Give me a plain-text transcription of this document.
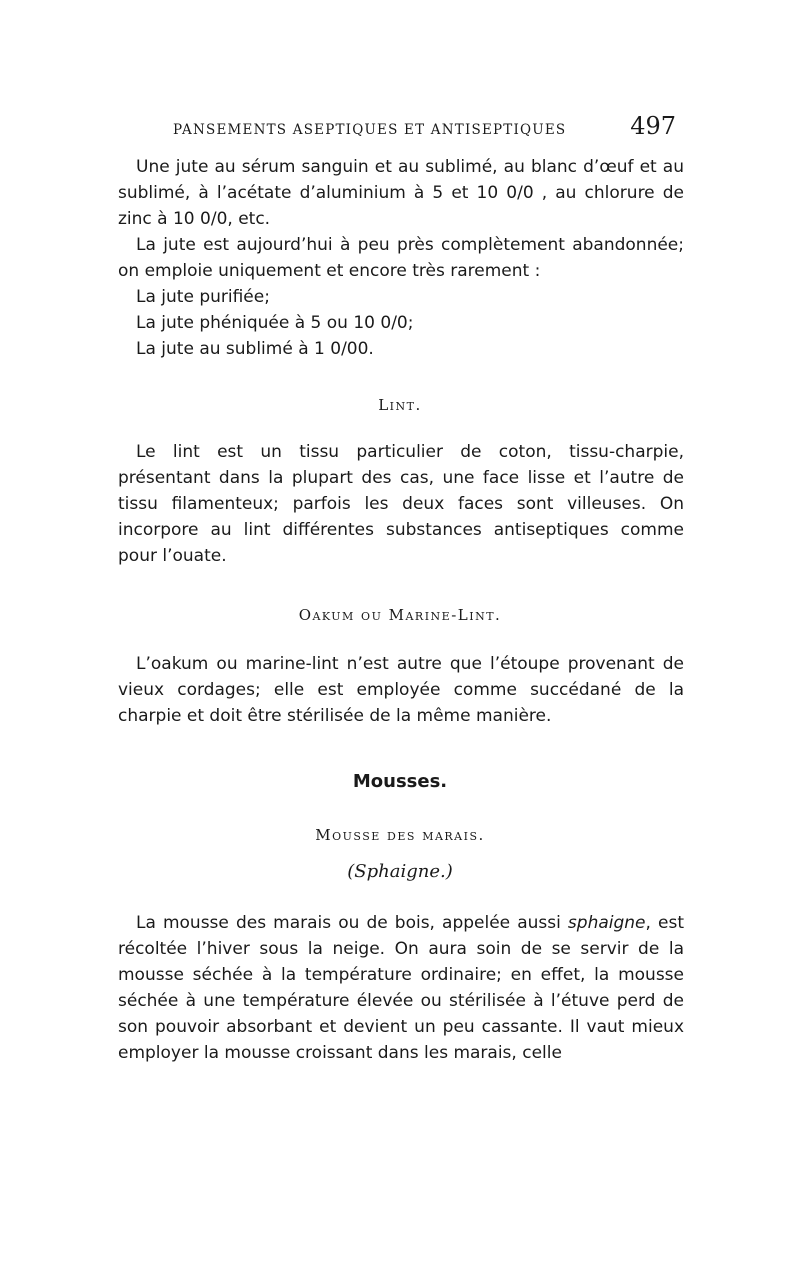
PANSEMENTS ASEPTIQUES ET ANTISEPTIQUES	497

Une jute au sérum sanguin et au sublimé, au blanc d’œuf et au sublimé, à l’acétate d’aluminium à 5 et 10 0/0 , au chlorure de zinc à 10 0/0, etc.

La jute est aujourd’hui à peu près complètement abandonnée; on emploie uniquement et encore très rarement :

La jute purifiée;
La jute phéniquée à 5 ou 10 0/0;
La jute au sublimé à 1 0/00.
Lint.

Le lint est un tissu particulier de coton, tissu-charpie, présentant dans la plupart des cas, une face lisse et l’autre de tissu filamenteux; parfois les deux faces sont villeuses. On incorpore au lint différentes substances antiseptiques comme pour l’ouate.

Oakum ou Marine-Lint.

L’oakum ou marine-lint n’est autre que l’étoupe provenant de vieux cordages; elle est employée comme succédané de la charpie et doit être stérilisée de la même manière.

Mousses.
Mousse des marais.
(Sphaigne.)

La mousse des marais ou de bois, appelée aussi sphaigne, est récoltée l’hiver sous la neige. On aura soin de se servir de la mousse séchée à la température ordinaire; en effet, la mousse séchée à une température élevée ou stérilisée à l’étuve perd de son pouvoir absorbant et devient un peu cassante. Il vaut mieux employer la mousse croissant dans les marais, celle
